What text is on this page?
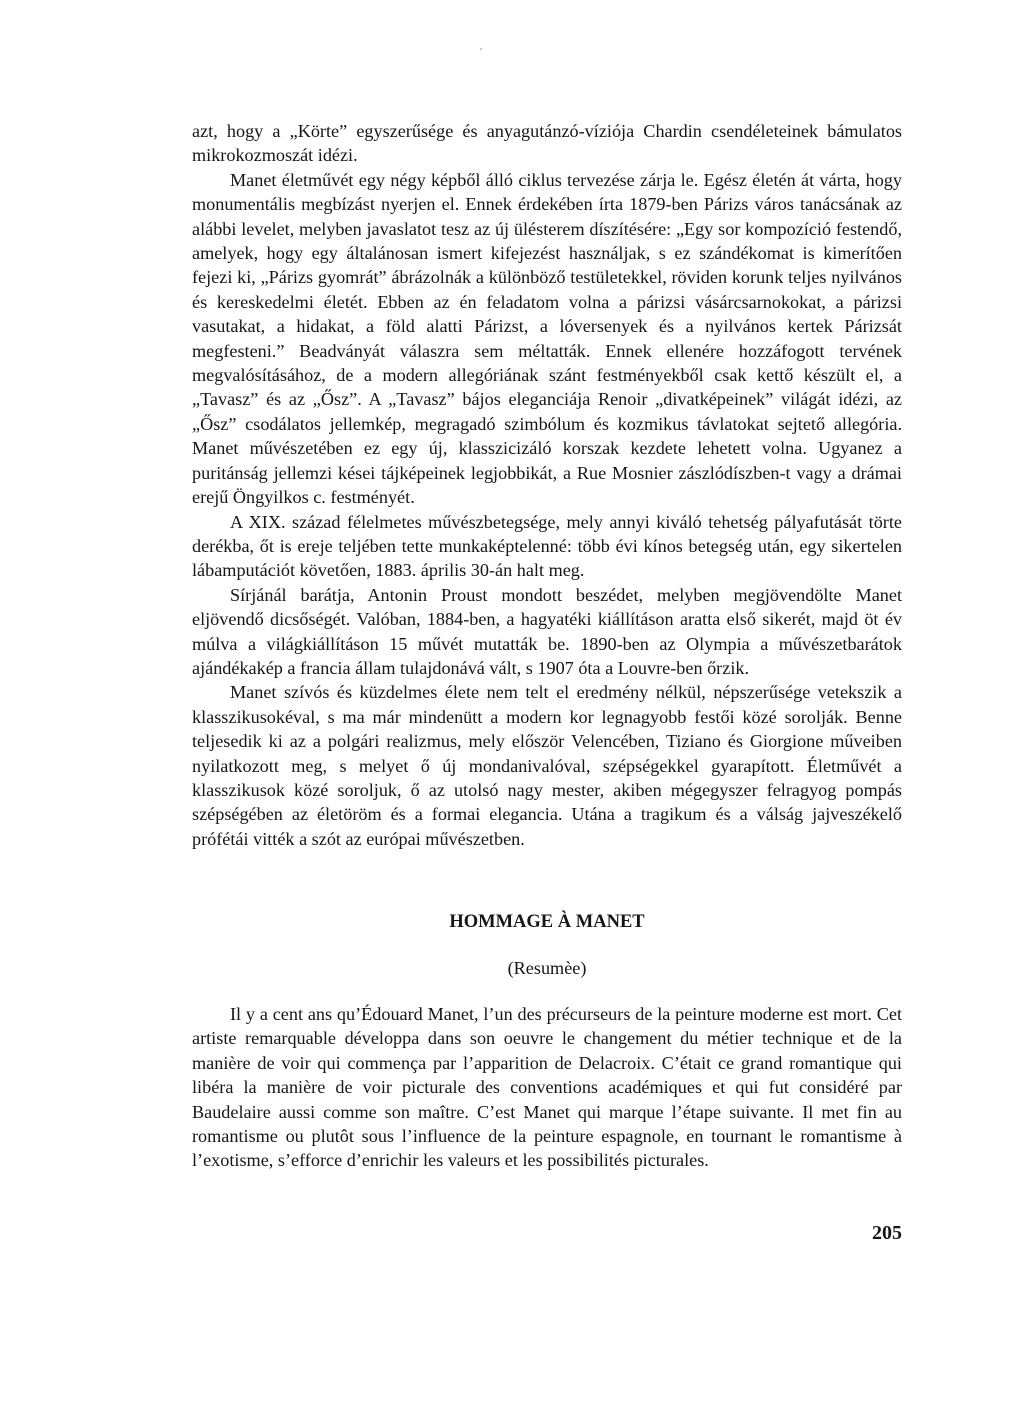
azt, hogy a „Körte” egyszerűsége és anyagutánzó-víziója Chardin csendéleteinek bámulatos mikrokozmoszát idézi.

Manet életművét egy négy képből álló ciklus tervezése zárja le. Egész életén át várta, hogy monumentális megbízást nyerjen el. Ennek érdekében írta 1879-ben Párizs város tanácsának az alábbi levelet, melyben javaslatot tesz az új ülésterem díszítésére: „Egy sor kompozíció festendő, amelyek, hogy egy általánosan ismert kifejezést használjak, s ez szándékomat is kimerítően fejezi ki, „Párizs gyomrát” ábrázolnák a különböző testületekkel, röviden korunk teljes nyilvános és kereskedelmi életét. Ebben az én feladatom volna a párizsi vásárcsarnokokat, a párizsi vasutakat, a hidakat, a föld alatti Párizst, a lóversenyek és a nyilvános kertek Párizsát megfesteni.” Beadványát válaszra sem méltatták. Ennek ellenére hozzáfogott tervének megvalósításához, de a modern allegóriának szánt festményekből csak kettő készült el, a „Tavasz” és az „Ősz”. A „Tavasz” bájos eleganciája Renoir „divatképeinek” világát idézi, az „Ősz” csodálatos jellemkép, megragadó szimbólum és kozmikus távlatokat sejtető allegória. Manet művészetében ez egy új, klasszicizáló korszak kezdete lehetett volna. Ugyanez a puritánság jellemzi kései tájképeinek legjobbikát, a Rue Mosnier zászlódíszben-t vagy a drámai erejű Öngyilkos c. festményét.

A XIX. század félelmetes művészbetegsége, mely annyi kiváló tehetség pályafutását törte derékba, őt is ereje teljében tette munkaképtelenné: több évi kínos betegség után, egy sikertelen lábamputációt követően, 1883. április 30-án halt meg.

Sírjánál barátja, Antonin Proust mondott beszédet, melyben megjövendölte Manet eljövendő dicsőségét. Valóban, 1884-ben, a hagyatéki kiállításon aratta első sikerét, majd öt év múlva a világkiállításon 15 művét mutatták be. 1890-ben az Olympia a művészetbarátok ajándékakép a francia állam tulajdonává vált, s 1907 óta a Louvre-ben őrzik.

Manet szívós és küzdelmes élete nem telt el eredmény nélkül, népszerűsége vetekszik a klasszikusokéval, s ma már mindenütt a modern kor legnagyobb festői közé sorolják. Benne teljesedik ki az a polgári realizmus, mely először Velencében, Tiziano és Giorgione műveiben nyilatkozott meg, s melyet ő új mondanivalóval, szépségekkel gyarapított. Életművét a klasszikusok közé soroljuk, ő az utolsó nagy mester, akiben mégegyszer felragyog pompás szépségében az életöröm és a formai elegancia. Utána a tragikum és a válság jajveszékelő prófétái vitték a szót az európai művészetben.

HOMMAGE À MANET

(Resumèe)

Il y a cent ans qu’Édouard Manet, l’un des précurseurs de la peinture moderne est mort. Cet artiste remarquable développa dans son oeuvre le changement du métier technique et de la manière de voir qui commença par l’apparition de Delacroix. C’était ce grand romantique qui libéra la manière de voir picturale des conventions académiques et qui fut considéré par Baudelaire aussi comme son maître. C’est Manet qui marque l’étape suivante. Il met fin au romantisme ou plutôt sous l’influence de la peinture espagnole, en tournant le romantisme à l’exotisme, s’efforce d’enrichir les valeurs et les possibilités picturales.

205
